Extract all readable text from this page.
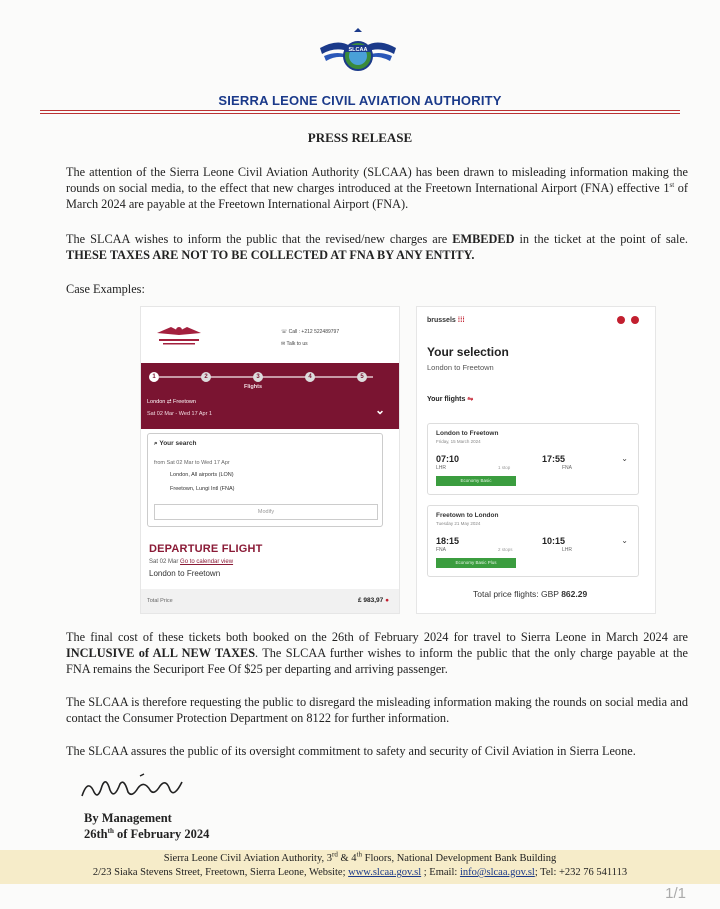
SLCAA
SIERRA LEONE CIVIL AVIATION AUTHORITY
PRESS RELEASE
The attention of the Sierra Leone Civil Aviation Authority (SLCAA) has been drawn to misleading information making the rounds on social media, to the effect that new charges introduced at the Freetown International Airport (FNA) effective 1st of March 2024 are payable at the Freetown International Airport (FNA).
The SLCAA wishes to inform the public that the revised/new charges are EMBEDED in the ticket at the point of sale. THESE TAXES ARE NOT TO BE COLLECTED AT FNA BY ANY ENTITY.
Case Examples:
☏ Call : +212 522489797
✉ Talk to us
1	2	3	4	5
Flights
London ⇄ Freetown
Sat 02 Mar - Wed 17 Apr 1	⌄
⌕ Your search
from Sat 02 Mar to Wed 17 Apr
London, All airports (LON)
Freetown, Lungi Intl (FNA)
Modify
DEPARTURE FLIGHT
Sat 02 Mar Go to calendar view
London to Freetown
Total Price	£ 983,97 ●
brussels ⁞⁞⁞
Your selection
London to Freetown
Your flights ⇋
London to Freetown
Friday, 15 March 2024
07:10	17:55
LHR	FNA
1 stop
Economy Basic
⌄
Freetown to London
Tuesday 21 May 2024
18:15	10:15
FNA	LHR
2 stops
Economy Basic Plus
⌄
Total price flights: GBP 862.29
The final cost of these tickets both booked on the 26th of February 2024 for travel to Sierra Leone in March 2024 are INCLUSIVE of ALL NEW TAXES. The SLCAA further wishes to inform the public that the only charge payable at the FNA remains the Securiport Fee Of $25 per departing and arriving passenger.
The SLCAA is therefore requesting the public to disregard the misleading information making the rounds on social media and contact the Consumer Protection Department on 8122 for further information.
The SLCAA assures the public of its oversight commitment to safety and security of Civil Aviation in Sierra Leone.
By Management
$26th^{th}$ of February 2024
Sierra Leone Civil Aviation Authority, 3rd & 4th Floors, National Development Bank Building
2/23 Siaka Stevens Street, Freetown, Sierra Leone, Website; www.slcaa.gov.sl ; Email: info@slcaa.gov.sl; Tel: +232 76 541113
1/1
